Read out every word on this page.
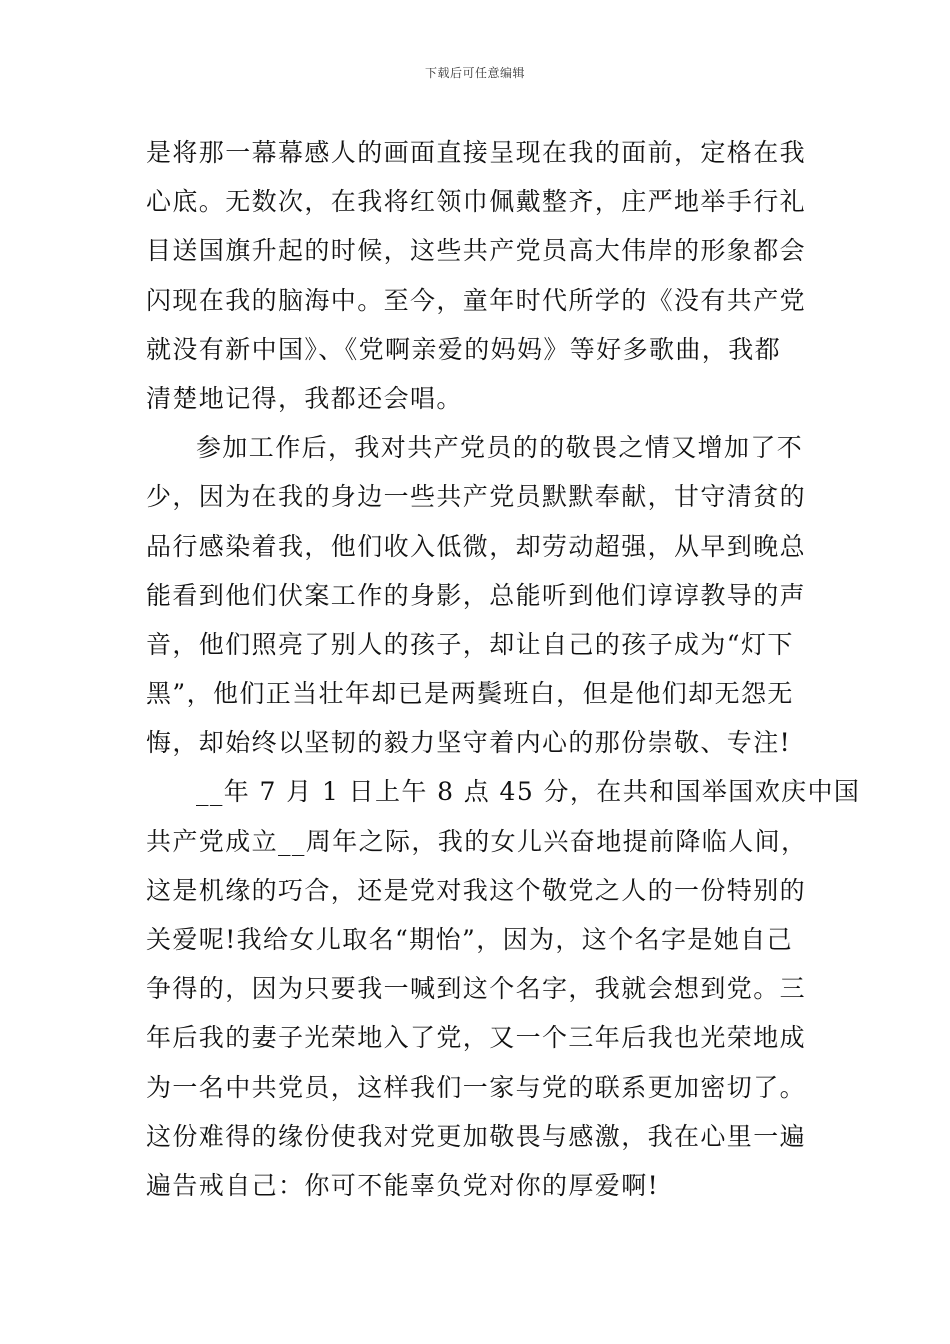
下载后可任意编辑
是将那一幕幕感人的画面直接呈现在我的面前，定格在我
心底。无数次，在我将红领巾佩戴整齐，庄严地举手行礼
目送国旗升起的时候，这些共产党员高大伟岸的形象都会
闪现在我的脑海中。至今，童年时代所学的《没有共产党
就没有新中国》、《党啊亲爱的妈妈》等好多歌曲，我都
清楚地记得，我都还会唱。
参加工作后，我对共产党员的的敬畏之情又增加了不
少，因为在我的身边一些共产党员默默奉献，甘守清贫的
品行感染着我，他们收入低微，却劳动超强，从早到晚总
能看到他们伏案工作的身影，总能听到他们谆谆教导的声
音，他们照亮了别人的孩子，却让自己的孩子成为“灯下
黑”，他们正当壮年却已是两鬓班白，但是他们却无怨无
悔，却始终以坚韧的毅力坚守着内心的那份崇敬、专注!
__年 7 月 1 日上午 8 点 45 分，在共和国举国欢庆中国
共产党成立__周年之际，我的女儿兴奋地提前降临人间，
这是机缘的巧合，还是党对我这个敬党之人的一份特别的
关爱呢!我给女儿取名“期怡”，因为，这个名字是她自己
争得的，因为只要我一喊到这个名字，我就会想到党。三
年后我的妻子光荣地入了党，又一个三年后我也光荣地成
为一名中共党员，这样我们一家与党的联系更加密切了。
这份难得的缘份使我对党更加敬畏与感激，我在心里一遍
遍告戒自己：你可不能辜负党对你的厚爱啊!
